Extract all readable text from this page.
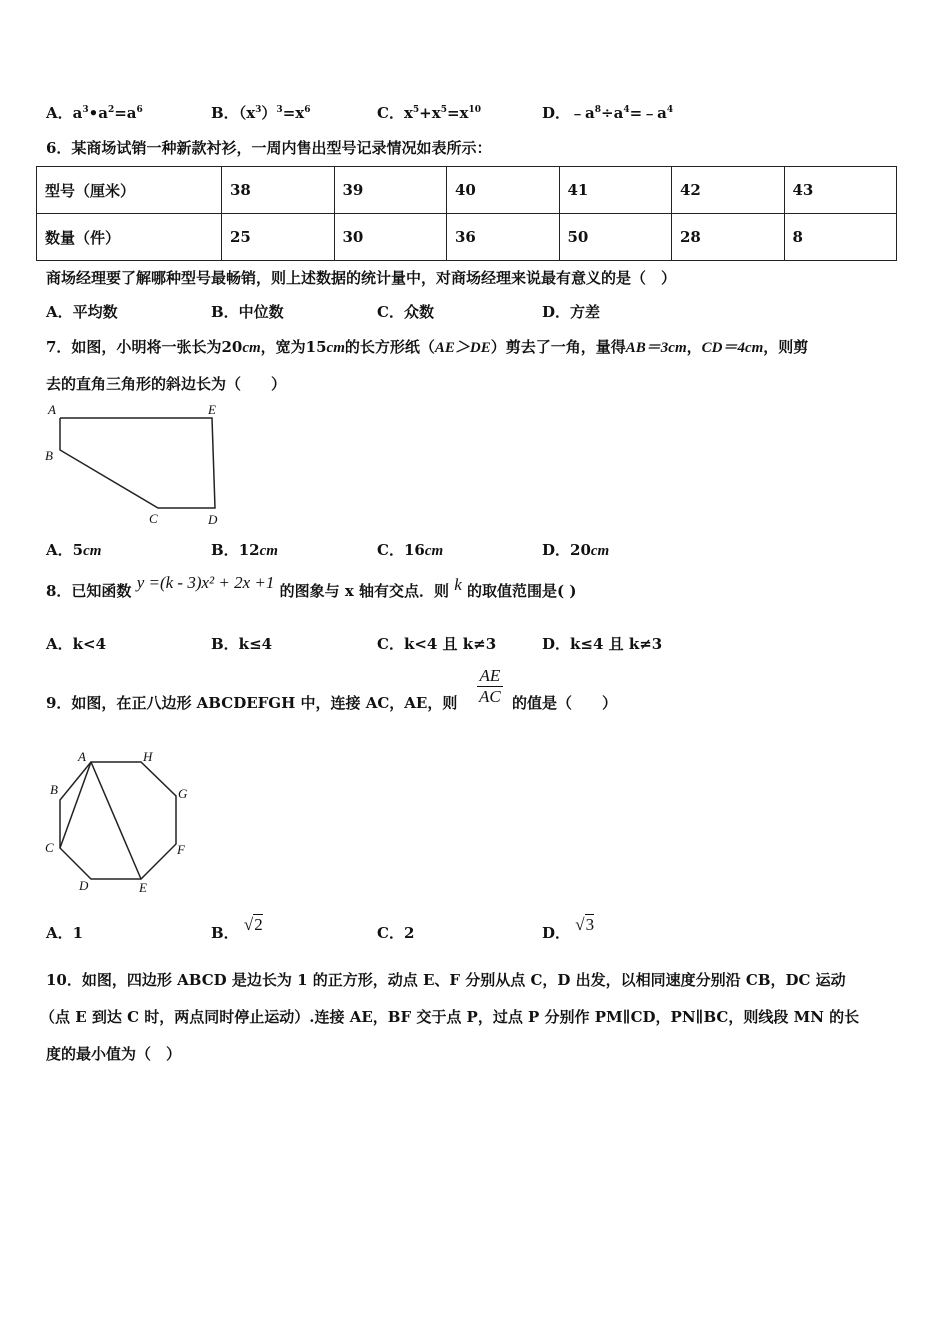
A．$a^3•a^2=a^6$	B．$(x^3)^3=x^6$	C．$x^5+x^5=x^{10}$	D．$﹣a^8\div a^4=﹣a^4$
6．某商场试销一种新款衬衫，一周内售出型号记录情况如表所示：
型号（厘米）	38	39	40	41	42	43
数量（件）	25	30	36	50	28	8
商场经理要了解哪种型号最畅销，则上述数据的统计量中，对商场经理来说最有意义的是（　）
A．平均数	B．中位数	C．众数	D．方差
7．如图，小明将一张长为20cm，宽为15cm的长方形纸（AE＞DE）剪去了一角，量得AB＝3cm，CD＝4cm，则剪
去的直角三角形的斜边长为（　　）
A	E
B
C	D
A．5cm	B．12cm	C．16cm	D．20cm
8．已知函数 y =(k - 3)x² + 2x +1 的图象与 x 轴有交点．则 k 的取值范围是( )
A．k<4	B．k≤4	C．k<4 且 k≠3	D．k≤4 且 k≠3
9．如图，在正八边形 ABCDEFGH 中，连接 AC，AE，则 $\frac{AE}{AC}$ 的值是（　　）
A	H
B	G
C	F
D	E
A．1	B． √2	C．2	D． √3
10．如图，四边形 ABCD 是边长为 1 的正方形，动点 E、F 分别从点 C，D 出发，以相同速度分别沿 CB，DC 运动
（点 E 到达 C 时，两点同时停止运动）.连接 AE，BF 交于点 P，过点 P 分别作 PM∥CD，PN∥BC，则线段 MN 的长
度的最小值为（　）
